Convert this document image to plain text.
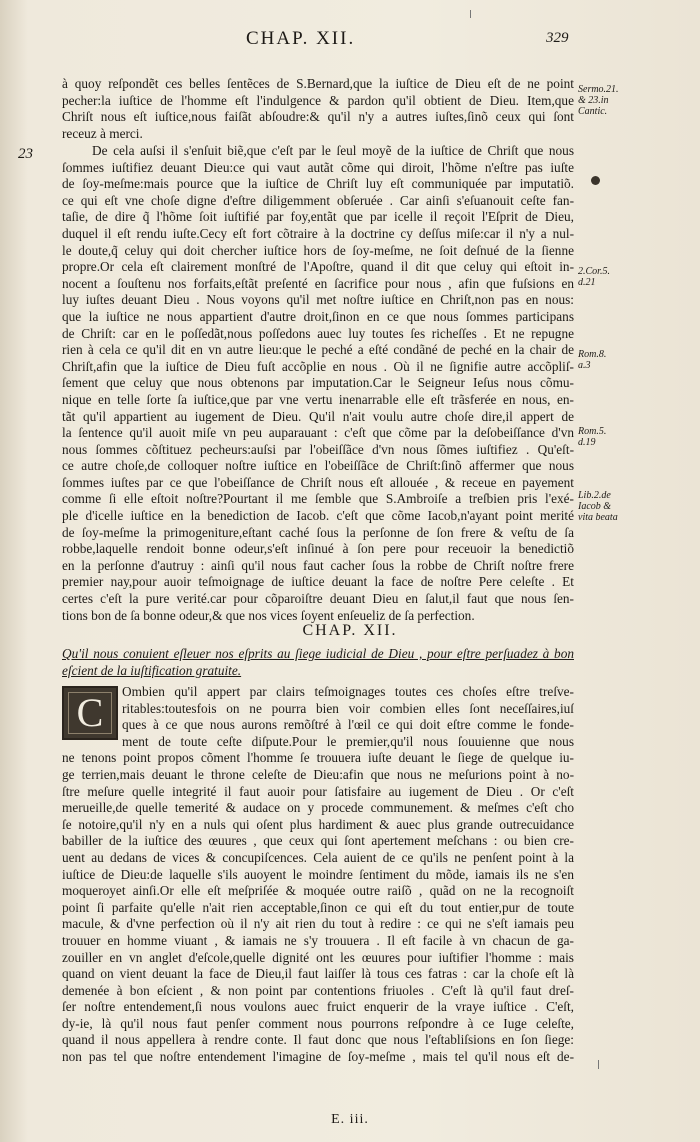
CHAP. XII.	329
à quoy reſpondẽt ces belles ſentẽces de S.Bernard,que la iuſtice de Dieu eſt de ne point
pecher:la iuſtice de l'homme eſt l'indulgence & pardon qu'il obtient de Dieu. Item,que
Chriſt nous eſt iuſtice,nous faiſãt abſoudre:& qu'il n'y a autres iuſtes,ſinõ ceux qui ſont
receuz à merci.
23	De cela auſsi il s'enſuit biẽ,que c'eſt par le ſeul moyẽ de la iuſtice de Chriſt que nous
ſommes iuſtifiez deuant Dieu:ce qui vaut autãt cõme qui diroit, l'hõme n'eſtre pas iuſte
de ſoy-meſme:mais pource que la iuſtice de Chriſt luy eſt communiquée par imputatiõ.
ce qui eſt vne choſe digne d'eſtre diligemment obſeruée . Car ainſi s'eſuanouit ceſte fan-
taſie, de dire q̃ l'hõme ſoit iuſtifié par foy,entãt que par icelle il reçoit l'Eſprit de Dieu,
duquel il eſt rendu iuſte.Cecy eſt fort cõtraire à la doctrine cy deſſus miſe:car il n'y a nul-
le doute,q̃ celuy qui doit chercher iuſtice hors de ſoy-meſme, ne ſoit deſnué de la ſienne
propre.Or cela eſt clairement monſtré de l'Apoſtre, quand il dit que celuy qui eſtoit in-
nocent a ſouſtenu nos forfaits,eſtãt preſenté en ſacrifice pour nous , afin que fuſsions en
luy iuſtes deuant Dieu . Nous voyons qu'il met noſtre iuſtice en Chriſt,non pas en nous:
que la iuſtice ne nous appartient d'autre droit,ſinon en ce que nous ſommes participans
de Chriſt: car en le poſſedãt,nous poſſedons auec luy toutes ſes richeſſes . Et ne repugne
rien à cela ce qu'il dit en vn autre lieu:que le peché a eſté condãné de peché en la chair de
Chriſt,afin que la iuſtice de Dieu fuſt accõplie en nous . Où il ne ſignifie autre accõpliſ-
ſement que celuy que nous obtenons par imputation.Car le Seigneur Ieſus nous cõmu-
nique en telle ſorte ſa iuſtice,que par vne vertu inenarrable elle eſt trãsferée en nous, en-
tãt qu'il appartient au iugement de Dieu. Qu'il n'ait voulu autre choſe dire,il appert de
la ſentence qu'il auoit miſe vn peu auparauant : c'eſt que cõme par la deſobeiſſance d'vn
nous ſommes cõſtituez pecheurs:auſsi par l'obeiſſãce d'vn nous ſõmes iuſtifiez . Qu'eſt-
ce autre choſe,de colloquer noſtre iuſtice en l'obeiſſãce de Chriſt:ſinõ affermer que nous
ſommes iuſtes par ce que l'obeiſſance de Chriſt nous eſt allouée , & receue en payement
comme ſi elle eſtoit noſtre?Pourtant il me ſemble que S.Ambroiſe a treſbien pris l'exé-
ple d'icelle iuſtice en la benediction de Iacob. c'eſt que cõme Iacob,n'ayant point merité
de ſoy-meſme la primogeniture,eſtant caché ſous la perſonne de ſon frere & veſtu de ſa
robbe,laquelle rendoit bonne odeur,s'eſt inſinué à ſon pere pour receuoir la benedictiõ
en la perſonne d'autruy : ainſi qu'il nous faut cacher ſous la robbe de Chriſt noſtre frere
premier nay,pour auoir teſmoignage de iuſtice deuant la face de noſtre Pere celeſte . Et
certes c'eſt la pure verité.car pour cõparoiſtre deuant Dieu en ſalut,il faut que nous ſen-
tions bon de ſa bonne odeur,& que nos vices ſoyent enſeueliz de ſa perfection.
Sermo.21.
& 23.in
Cantic.
2.Cor.5.
d.21
Rom.8.
a.3
Rom.5.
d.19
Lib.2.de
Iacob &
vita beata
CHAP. XII.
Qu'il nous conuient eſleuer nos eſprits au ſiege iudicial de Dieu , pour eſtre perſuadez à bon
eſcient de la iuſtification gratuite.
Ombien qu'il appert par clairs teſmoignages toutes ces choſes eſtre treſve-
ritables:toutesfois on ne pourra bien voir combien elles ſont neceſſaires,iuſ
ques à ce que nous aurons remõſtré à l'œil ce qui doit eſtre comme le fonde-
ment de toute ceſte diſpute.Pour le premier,qu'il nous ſouuienne que nous
ne tenons point propos cõment l'homme ſe trouuera iuſte deuant le ſiege de quelque iu-
ge terrien,mais deuant le throne celeſte de Dieu:afin que nous ne meſurions point à no-
ſtre meſure quelle integrité il faut auoir pour ſatisfaire au iugement de Dieu . Or c'eſt
merueille,de quelle temerité & audace on y procede communement. & meſmes c'eſt cho
ſe notoire,qu'il n'y en a nuls qui oſent plus hardiment & auec plus grande outrecuidance
babiller de la iuſtice des œuures , que ceux qui ſont apertement meſchans : ou bien cre-
uent au dedans de vices & concupiſcences. Cela auient de ce qu'ils ne penſent point à la
iuſtice de Dieu:de laquelle s'ils auoyent le moindre ſentiment du mõde, iamais ils ne s'en
moqueroyet ainſi.Or elle eſt meſpriſée & moquée outre raiſõ , quãd on ne la recognoiſt
point ſi parfaite qu'elle n'ait rien acceptable,ſinon ce qui eſt du tout entier,pur de toute
macule, & d'vne perfection où il n'y ait rien du tout à redire : ce qui ne s'eſt iamais peu
trouuer en homme viuant , & iamais ne s'y trouuera . Il eſt facile à vn chacun de ga-
zouiller en vn anglet d'eſcole,quelle dignité ont les œuures pour iuſtifier l'homme : mais
quand on vient deuant la face de Dieu,il faut laiſſer là tous ces fatras : car la choſe eſt là
demenée à bon eſcient , & non point par contentions friuoles . C'eſt là qu'il faut dreſ-
ſer noſtre entendement,ſi nous voulons auec fruict enquerir de la vraye iuſtice . C'eſt,
dy-ie, là qu'il nous faut penſer comment nous pourrons reſpondre à ce Iuge celeſte,
quand il nous appellera à rendre conte. Il faut donc que nous l'eſtabliſsions en ſon ſiege:
non pas tel que noſtre entendement l'imagine de ſoy-meſme , mais tel qu'il nous eſt de-
C
E. iii.
